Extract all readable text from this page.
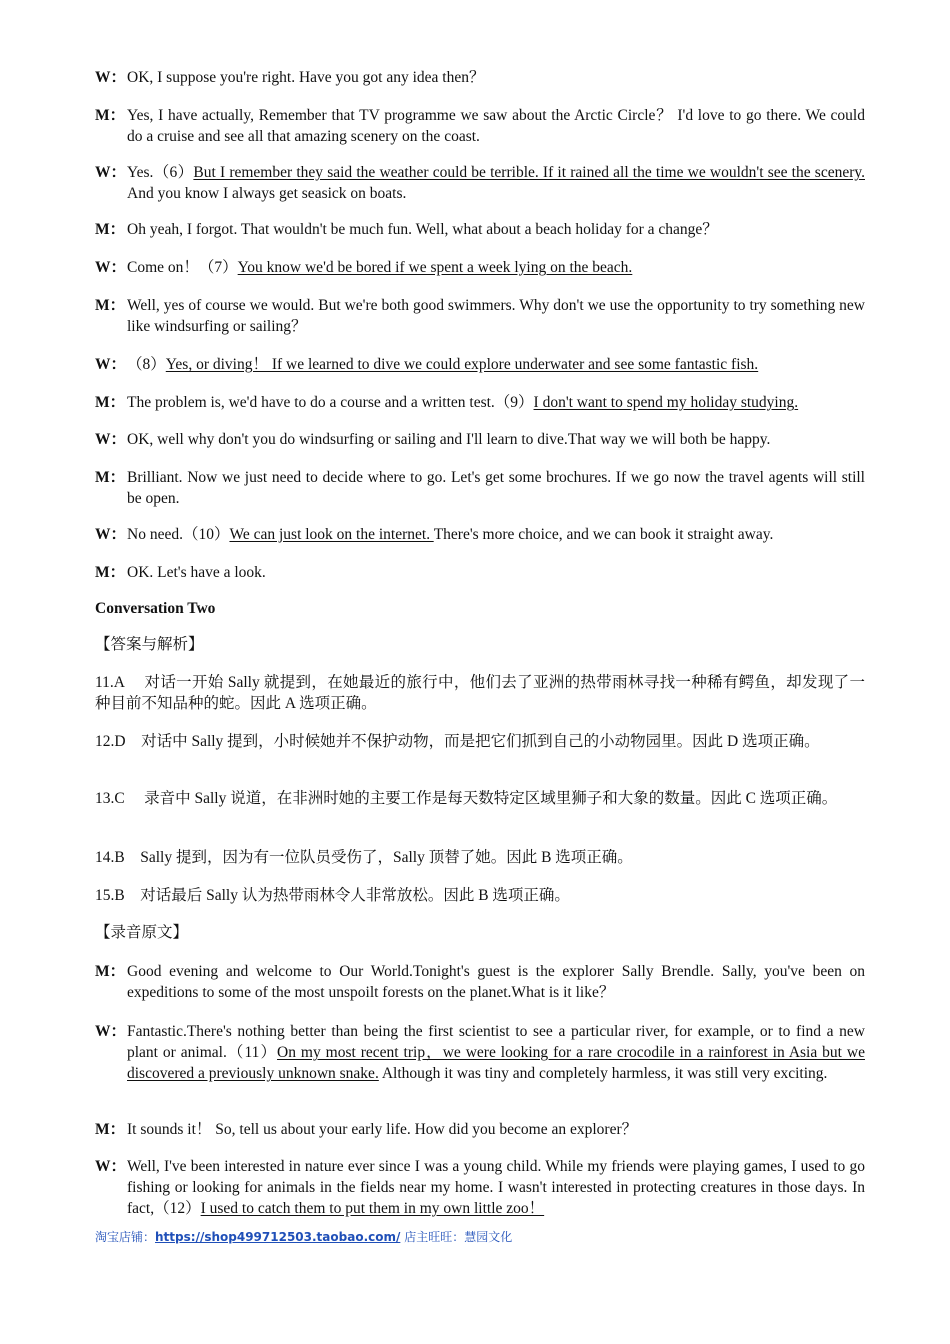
W： OK, I suppose you're right. Have you got any idea then？
M： Yes, I have actually, Remember that TV programme we saw about the Arctic Circle？ I'd love to go there. We could do a cruise and see all that amazing scenery on the coast.
W： Yes.（6）But I remember they said the weather could be terrible. If it rained all the time we wouldn't see the scenery. And you know I always get seasick on boats.
M： Oh yeah, I forgot. That wouldn't be much fun. Well, what about a beach holiday for a change？
W： Come on！（7）You know we'd be bored if we spent a week lying on the beach.
M： Well, yes of course we would. But we're both good swimmers. Why don't we use the opportunity to try something new like windsurfing or sailing？
W： （8）Yes, or diving！ If we learned to dive we could explore underwater and see some fantastic fish.
M： The problem is, we'd have to do a course and a written test.（9）I don't want to spend my holiday studying.
W： OK, well why don't you do windsurfing or sailing and I'll learn to dive.That way we will both be happy.
M： Brilliant. Now we just need to decide where to go. Let's get some brochures. If we go now the travel agents will still be open.
W： No need.（10）We can just look on the internet. There's more choice, and we can book it straight away.
M： OK. Let's have a look.
Conversation Two
【答案与解析】
11.A　 对话一开始 Sally 就提到，在她最近的旅行中，他们去了亚洲的热带雨林寻找一种稀有鳄鱼，却发现了一种目前不知品种的蛇。因此 A 选项正确。
12.D　对话中 Sally 提到，小时候她并不保护动物，而是把它们抓到自己的小动物园里。因此 D 选项正确。
13.C　 录音中 Sally 说道，在非洲时她的主要工作是每天数特定区域里狮子和大象的数量。因此 C 选项正确。
14.B　Sally 提到，因为有一位队员受伤了，Sally 顶替了她。因此 B 选项正确。
15.B　对话最后 Sally 认为热带雨林令人非常放松。因此 B 选项正确。
【录音原文】
M： Good evening and welcome to Our World.Tonight's guest is the explorer Sally Brendle. Sally, you've been on expeditions to some of the most unspoilt forests on the planet.What is it like？
W： Fantastic.There's nothing better than being the first scientist to see a particular river, for example, or to find a new plant or animal.（11）On my most recent trip，we were looking for a rare crocodile in a rainforest in Asia but we discovered a previously unknown snake. Although it was tiny and completely harmless, it was still very exciting.
M： It sounds it！ So, tell us about your early life. How did you become an explorer？
W： Well, I've been interested in nature ever since I was a young child. While my friends were playing games, I used to go fishing or looking for animals in the fields near my home. I wasn't interested in protecting creatures in those days. In fact,（12）I used to catch them to put them in my own little zoo！
淘宝店铺：https://shop499712503.taobao.com/ 店主旺旺：慧园文化
